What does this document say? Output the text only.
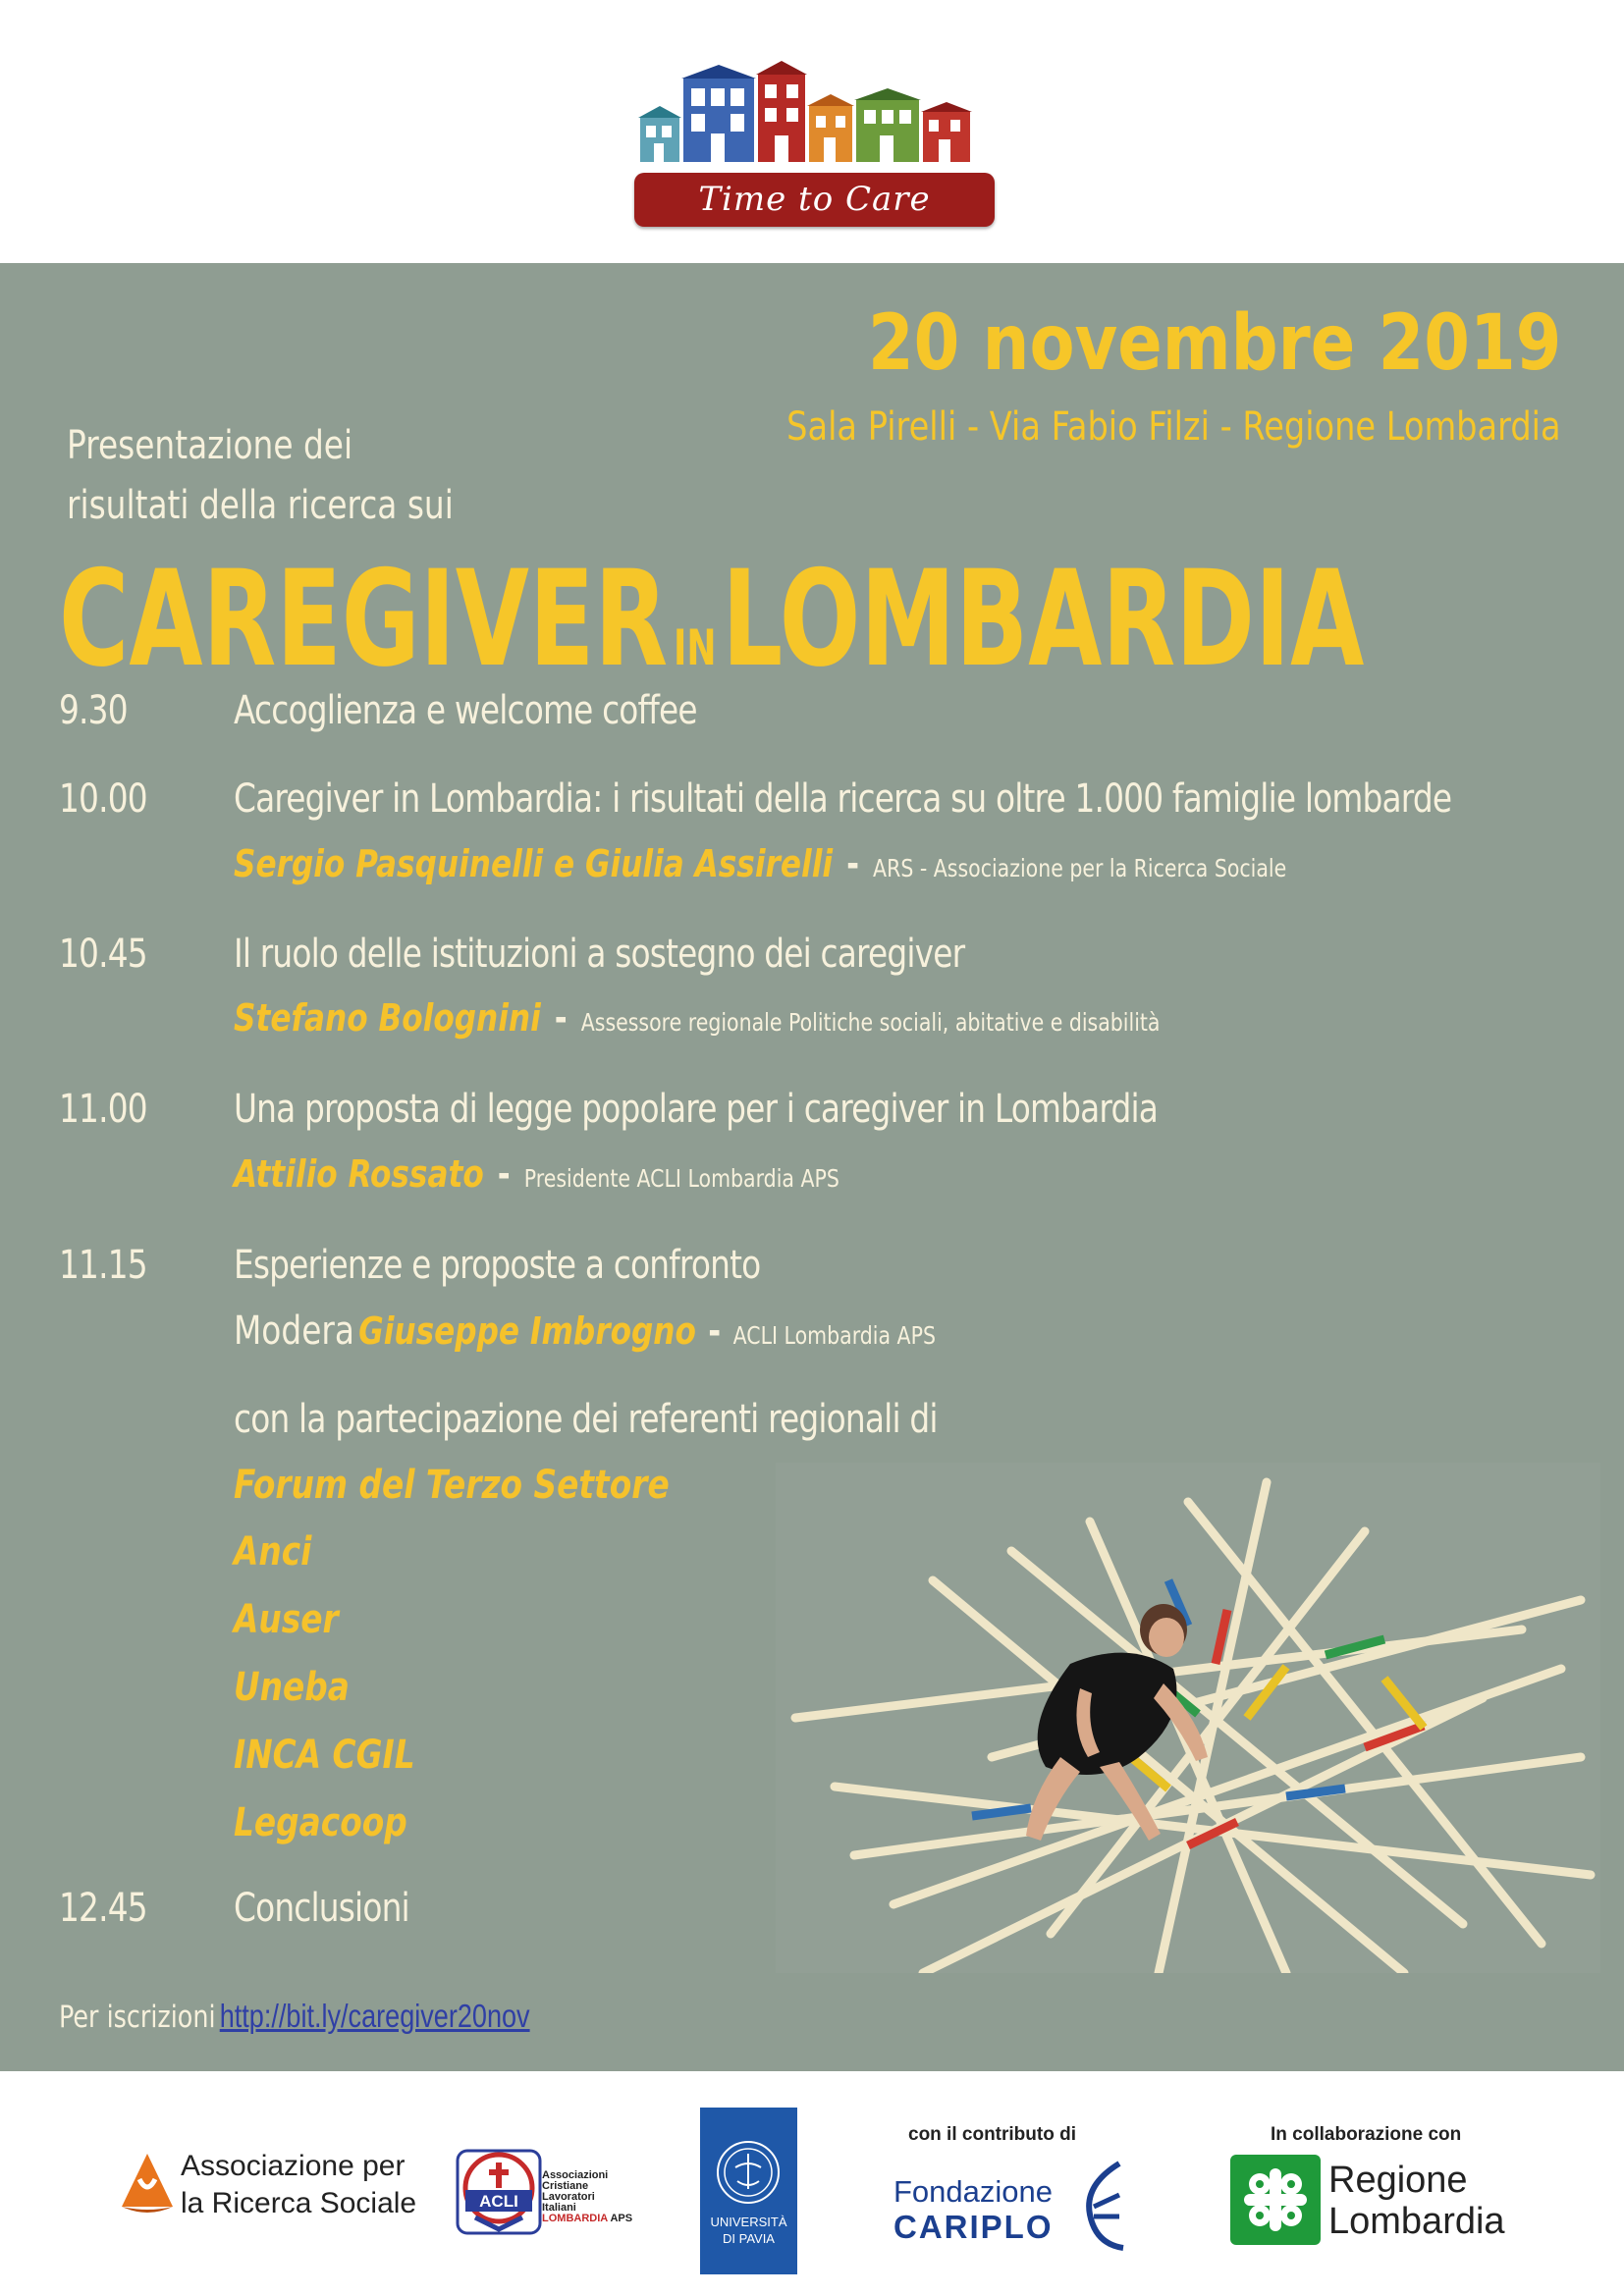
Time to Care
20 novembre 2019
Sala Pirelli - Via Fabio Filzi - Regione Lombardia
Presentazione dei
risultati della ricerca sui
CAREGIVER INLOMBARDIA
9.30	Accoglienza e welcome coffee
10.00 Caregiver in Lombardia: i risultati della ricerca su oltre 1.000 famiglie lombarde
Sergio Pasquinelli e Giulia Assirelli - ARS - Associazione per la Ricerca Sociale
10.45 Il ruolo delle istituzioni a sostegno dei caregiver
Stefano Bolognini - Assessore regionale Politiche sociali, abitative e disabilità
11.00 Una proposta di legge popolare per i caregiver in Lombardia
Attilio Rossato - Presidente ACLI Lombardia APS
11.15 Esperienze e proposte a confronto
Modera Giuseppe Imbrogno - ACLI Lombardia APS
con la partecipazione dei referenti regionali di
Forum del Terzo Settore
Anci
Auser
Uneba
INCA CGIL
Legacoop
12.45 Conclusioni
Per iscrizioni http://bit.ly/caregiver20nov
Associazione per
la Ricerca Sociale	ACLI
Associazioni
Cristiane
Lavoratori
Italiani
LOMBARDIA APS	UNIVERSITÀ
DI PAVIA
con il contributo di
Fondazione
CARIPLO
In collaborazione con
Regione
Lombardia
